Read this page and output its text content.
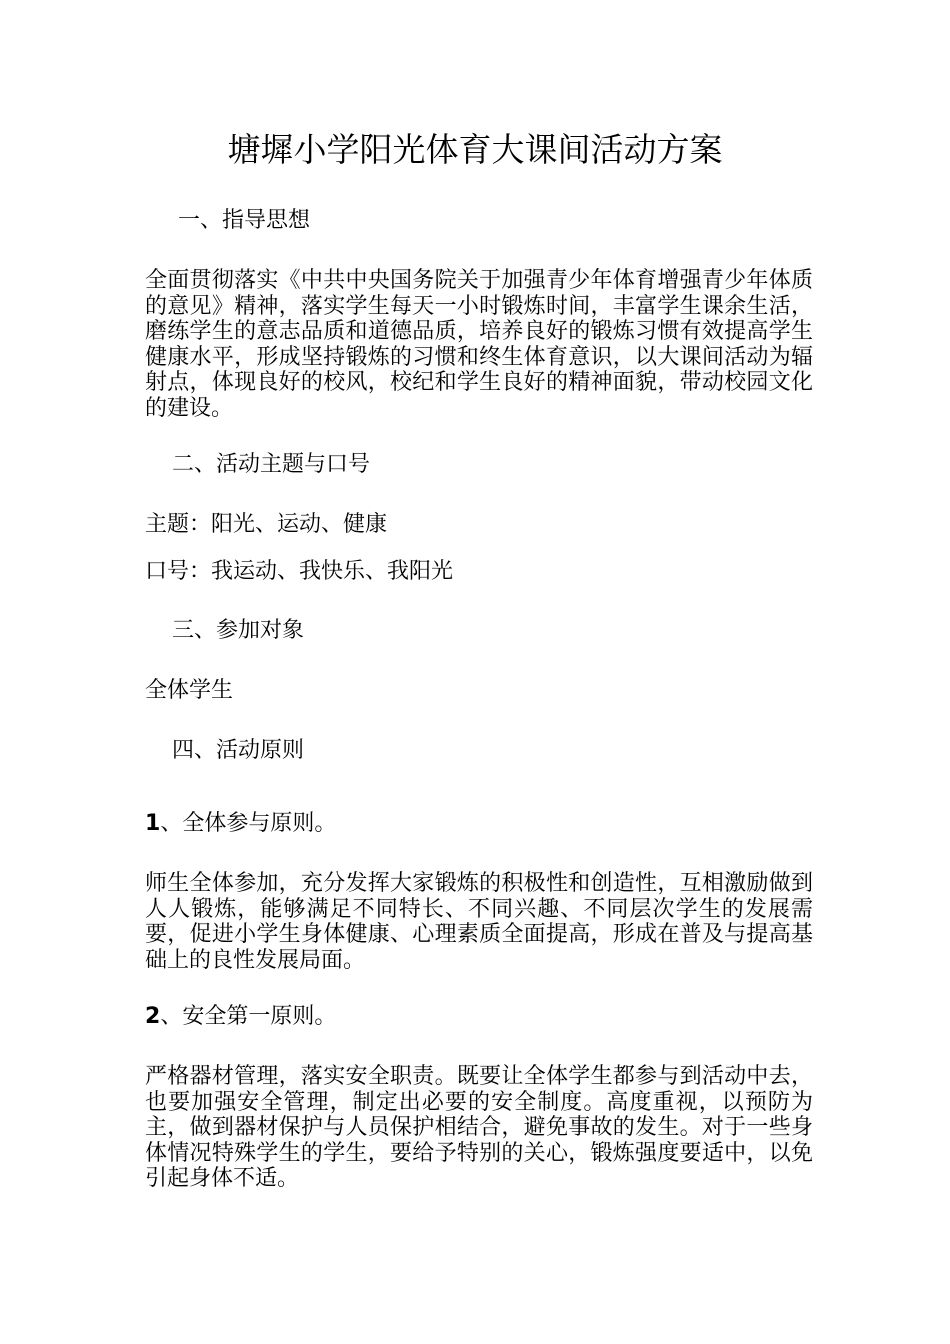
塘墀小学阳光体育大课间活动方案

一、指导思想

全面贯彻落实《中共中央国务院关于加强青少年体育增强青少年体质的意见》精神，落实学生每天一小时锻炼时间，丰富学生课余生活，磨练学生的意志品质和道德品质，培养良好的锻炼习惯有效提高学生健康水平，形成坚持锻炼的习惯和终生体育意识，以大课间活动为辐射点，体现良好的校风，校纪和学生良好的精神面貌，带动校园文化的建设。

二、活动主题与口号

主题：阳光、运动、健康

口号：我运动、我快乐、我阳光

三、参加对象

全体学生

四、活动原则

1、全体参与原则。

师生全体参加，充分发挥大家锻炼的积极性和创造性，互相激励做到人人锻炼，能够满足不同特长、不同兴趣、不同层次学生的发展需要，促进小学生身体健康、心理素质全面提高，形成在普及与提高基础上的良性发展局面。

2、安全第一原则。

严格器材管理，落实安全职责。既要让全体学生都参与到活动中去，也要加强安全管理，制定出必要的安全制度。高度重视，以预防为主，做到器材保护与人员保护相结合，避免事故的发生。对于一些身体情况特殊学生的学生，要给予特别的关心，锻炼强度要适中，以免引起身体不适。
